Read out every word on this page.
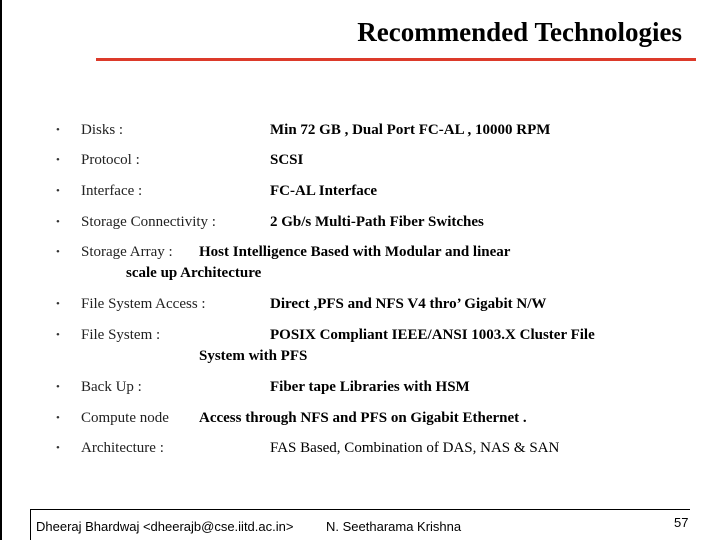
Recommended Technologies
• Disks :	Min 72 GB , Dual Port FC-AL , 10000 RPM
• Protocol :	SCSI
• Interface :	FC-AL Interface
• Storage Connectivity :	2 Gb/s Multi-Path Fiber Switches
• Storage Array : Host Intelligence Based with Modular and linear
scale up Architecture
• File System Access :	Direct ,PFS and NFS V4 thro’ Gigabit N/W
• File System :	POSIX Compliant IEEE/ANSI 1003.X Cluster File
System with PFS
• Back Up :	Fiber tape Libraries with HSM
• Compute node Access through NFS and PFS on Gigabit Ethernet .
• Architecture :	FAS Based, Combination of DAS, NAS & SAN
Dheeraj Bhardwaj <dheerajb@cse.iitd.ac.in>	N. Seetharama Krishna	57
